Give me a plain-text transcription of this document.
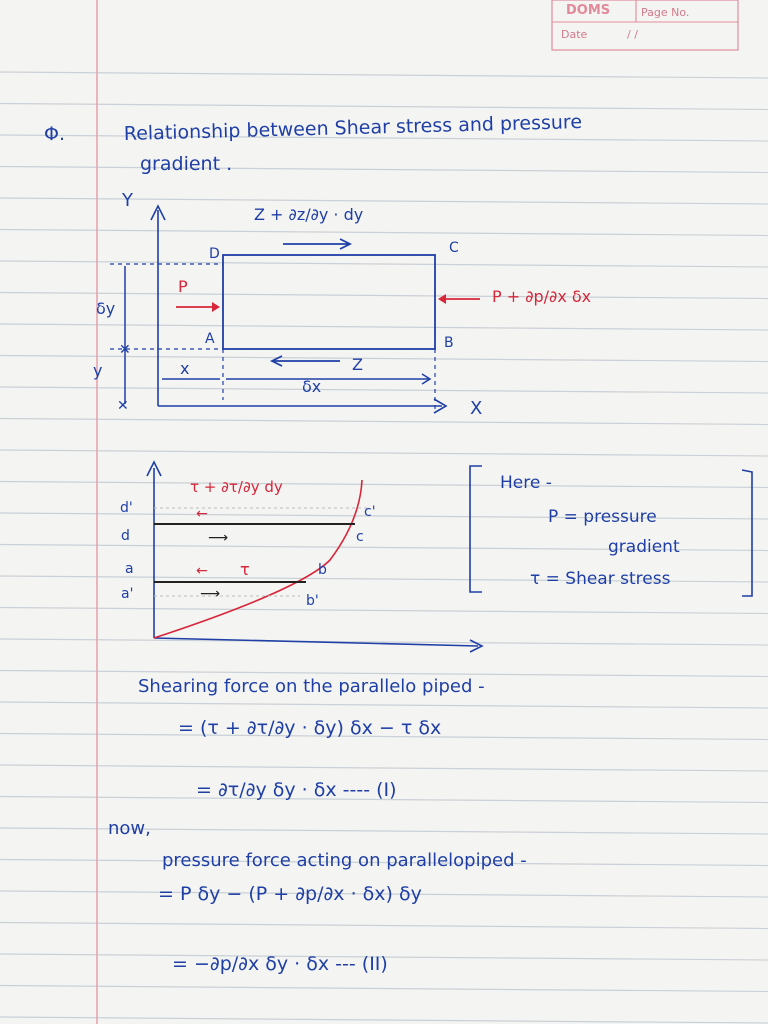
DOMS	Page No.
Date	/ /
Φ.	Relationship between Shear stress and pressure
gradient .
Y
X
D	C
A	B
Z + ∂z/∂y · dy
Z
P
P + ∂p/∂x δx
δy
y
✕
✕
x
δx
←
⟶
←
⟶
τ + ∂τ/∂y dy
τ
d'
d
a
a'
c'
c
b
b'
Here -
P = pressure
gradient
τ = Shear stress
Shearing force on the parallelo piped -
= (τ + ∂τ/∂y · δy) δx − τ δx
= ∂τ/∂y δy · δx ---- (I)
now,
pressure force acting on parallelopiped -
= P δy − (P + ∂p/∂x · δx) δy
= −∂p/∂x δy · δx --- (II)
